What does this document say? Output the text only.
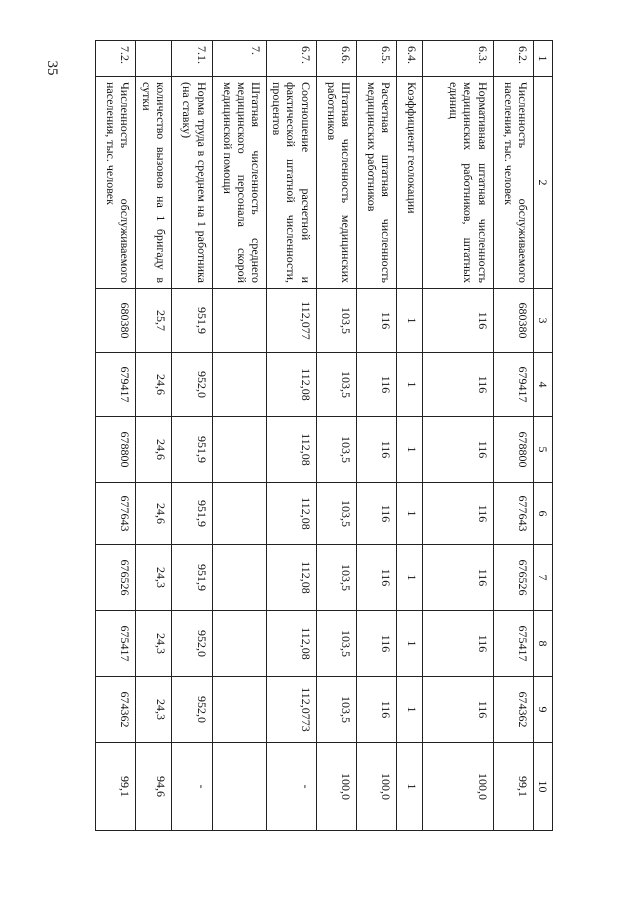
35
1	2	3	4	5	6	7	8	9	10
6.2.	Численность обслуживаемого населения, тыс. человек	680380	679417	678800	677643	676526	675417	674362	99,1
6.3.	Нормативная штатная численность медицинских работников, штатных единиц	116	116	116	116	116	116	116	100,0
6.4.	Коэффициент геолокации	1	1	1	1	1	1	1	1
6.5.	Расчетная штатная численность медицинских работников	116	116	116	116	116	116	116	100,0
6.6.	Штатная численность медицинских работников	103,5	103,5	103,5	103,5	103,5	103,5	103,5	100,0
6.7.	Соотношение расчетной и фактической штатной численности, процентов	112,077	112,08	112,08	112,08	112,08	112,08	112,0773	-
7.	Штатная численность среднего медицинского персонала скорой медицинской помощи								
7.1.	Норма труда в среднем на 1 работника (на ставку)	951,9	952,0	951,9	951,9	951,9	952,0	952,0	-
	количество вызовов на 1 бригаду в сутки	25,7	24,6	24,6	24,6	24,3	24,3	24,3	94,6
7.2.	Численность обслуживаемого населения, тыс. человек	680380	679417	678800	677643	676526	675417	674362	99,1
